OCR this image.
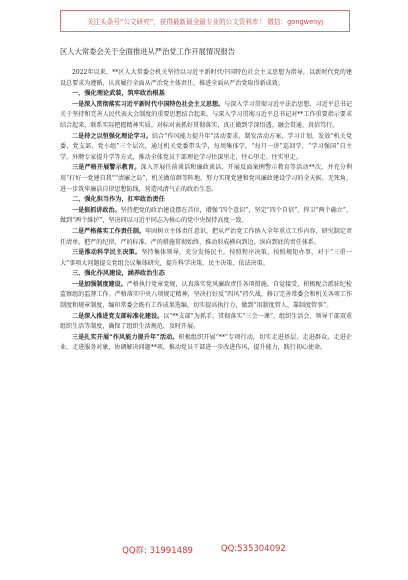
关注头条号“公文研究”，获得最新最全最专业的公文资料库！ 微信：gongwenyj

区人大常委会关于全面推进从严治党工作开展情况报告

2022年以来，**区人大常委会机关坚持以习近平新时代中国特色社会主义思想为指导，以新时代党的建设总要求为遵循，认真履行全面从严治党主体责任，推进全面从严治党取得新成效。

一、强化理论武装，筑牢政治根基

一是深入贯彻落实习近平新时代中国特色社会主义思想。与深入学习贯彻习近平法治思想、习近平总书记关于坚持和完善人民代表大会制度的重要思想结合起来，与深入学习贯彻习近平总书记对**工作重要指示要求结合起来，联系实际把握精神实质。对标对表抓好贯彻落实，真正做到学深悟透、融会贯通、真信笃行。

二是持之以恒强化理论学习。结合“作风能力提升年”活动要求，制发活动方案，学习计划，发放“机关党委、党支部、党小组”三个层次，通过机关党委带头学，每周集体学，“每月一讲”巡回学，“学习强国”自主学，外聘专家提升学等方式，推动全体党员干部理论学习往深里走、往心里走、往实里走。

三是严格开展警示教育。深入开展任前谈话和廉政谈话，开展反面案例警示教育等活动**次，并充分利用“打好一党建自我”“清廉之岛”，机关做信群等阵地，努力实现党建和党风廉政建设学习的全天候、无死角，进一步筑牢廉洁自律思想防线，营造风清气正的政治生态。

二、强化担当作为，扛牢政治责任

一是狠抓讲政治。坚持把党的政治建设摆在首位，增强“四个意识”，坚定“四个自信”，捍卫“两个确立”，做到“两个维护”，坚决同以习近平同志为核心的党中央保持高度一致。

二是严格落实工作责任制。牢固树立主体责任意识，把从严治党工作纳入全年重点工作内容，研究制定责任清单，把严的纪律、严的标准、严的措施贯彻始终，推动形成横向到边、纵向到底的责任体系。

三是推动科学民主决策。坚持集体领导，充分发扬民主，按照程序决策、按照规矩办事，对于“三重一大”事项大问题提交党组会议集体研究，提升科学决策、民主决策、依法决策。

三、强化作风建设，涵养政治生态

一是加强制度建设。严格执行党章党规，认真落实党风廉政责任各项措施，自觉接受，积极配合派驻纪检监察组的监督工作。严格落实中央八项规定精神，坚决打好反“四风”持久战，修订完善常委会和机关各项工作制度和规章制度，编印常委会既有工作成果选编，切实提高执行力，做到“用制度管人、靠制度管事”。

二是深入推进党支部标准化建设。以“**支部”为抓手，贯彻落实“三会一课”，组织生活会、领导干部双重组织生活等制度，确保了组织生活规范、及时开展。

三是扎实开展“作风能力提升年”活动。积极组织开展“**”专项行动，切实走进基层、走进群众、走进企业、走进服务对象，协调解决问题**项，推动党员干部进一步改进作风，提升能力，践行初心使命。

QQ群: 31991489	QQ:535304092
